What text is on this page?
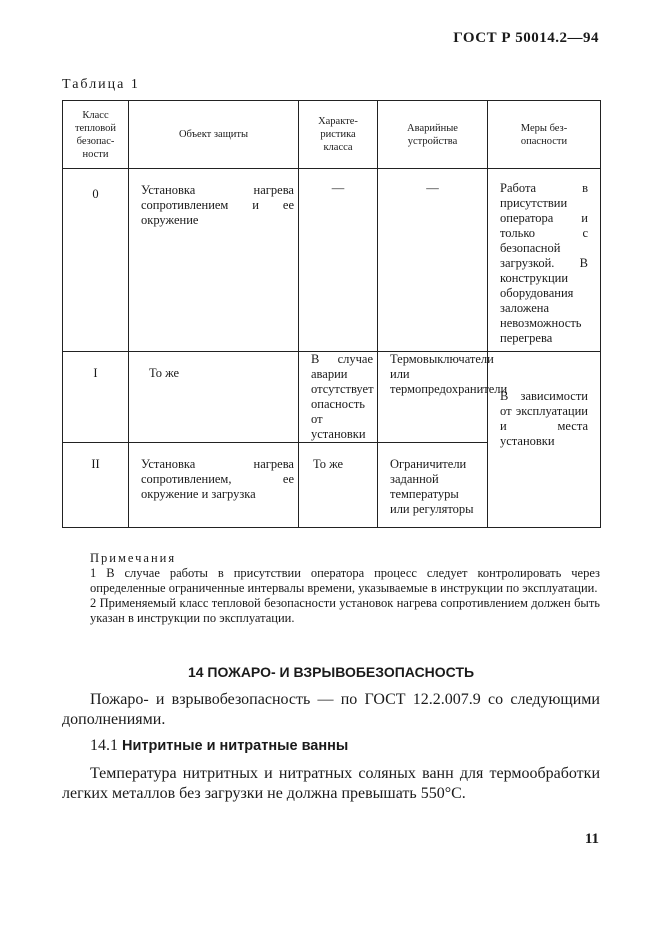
ГОСТ Р 50014.2—94
Таблица 1
Класс тепловой безопас-ности	Объект защиты	Характе-ристика класса	Аварийные устройства	Меры без-опасности

0	Установка нагрева сопротивлением и ее окружение	—	—	Работа в присутствии оператора и только с безопасной загрузкой. В конструкции оборудования заложена невозможность перегрева

I	То же	В случае аварии отсутствует опасность от установки	Термовыключатели или термопредохранители	В зависимости от эксплуатации и места установки

II	Установка нагрева сопротивлением, ее окружение и загрузка	То же	Ограничители заданной температуры или регуляторы	
Примечания

1 В случае работы в присутствии оператора процесс следует контролировать через определенные ограниченные интервалы времени, указываемые в инструкции по эксплуатации.

2 Применяемый класс тепловой безопасности установок нагрева сопротивлением должен быть указан в инструкции по эксплуатации.

14 ПОЖАРО- И ВЗРЫВОБЕЗОПАСНОСТЬ
Пожаро- и взрывобезопасность — по ГОСТ 12.2.007.9 со следующими дополнениями.
14.1 Нитритные и нитратные ванны
Температура нитритных и нитратных соляных ванн для термообработки легких металлов без загрузки не должна превышать 550°С.
11
